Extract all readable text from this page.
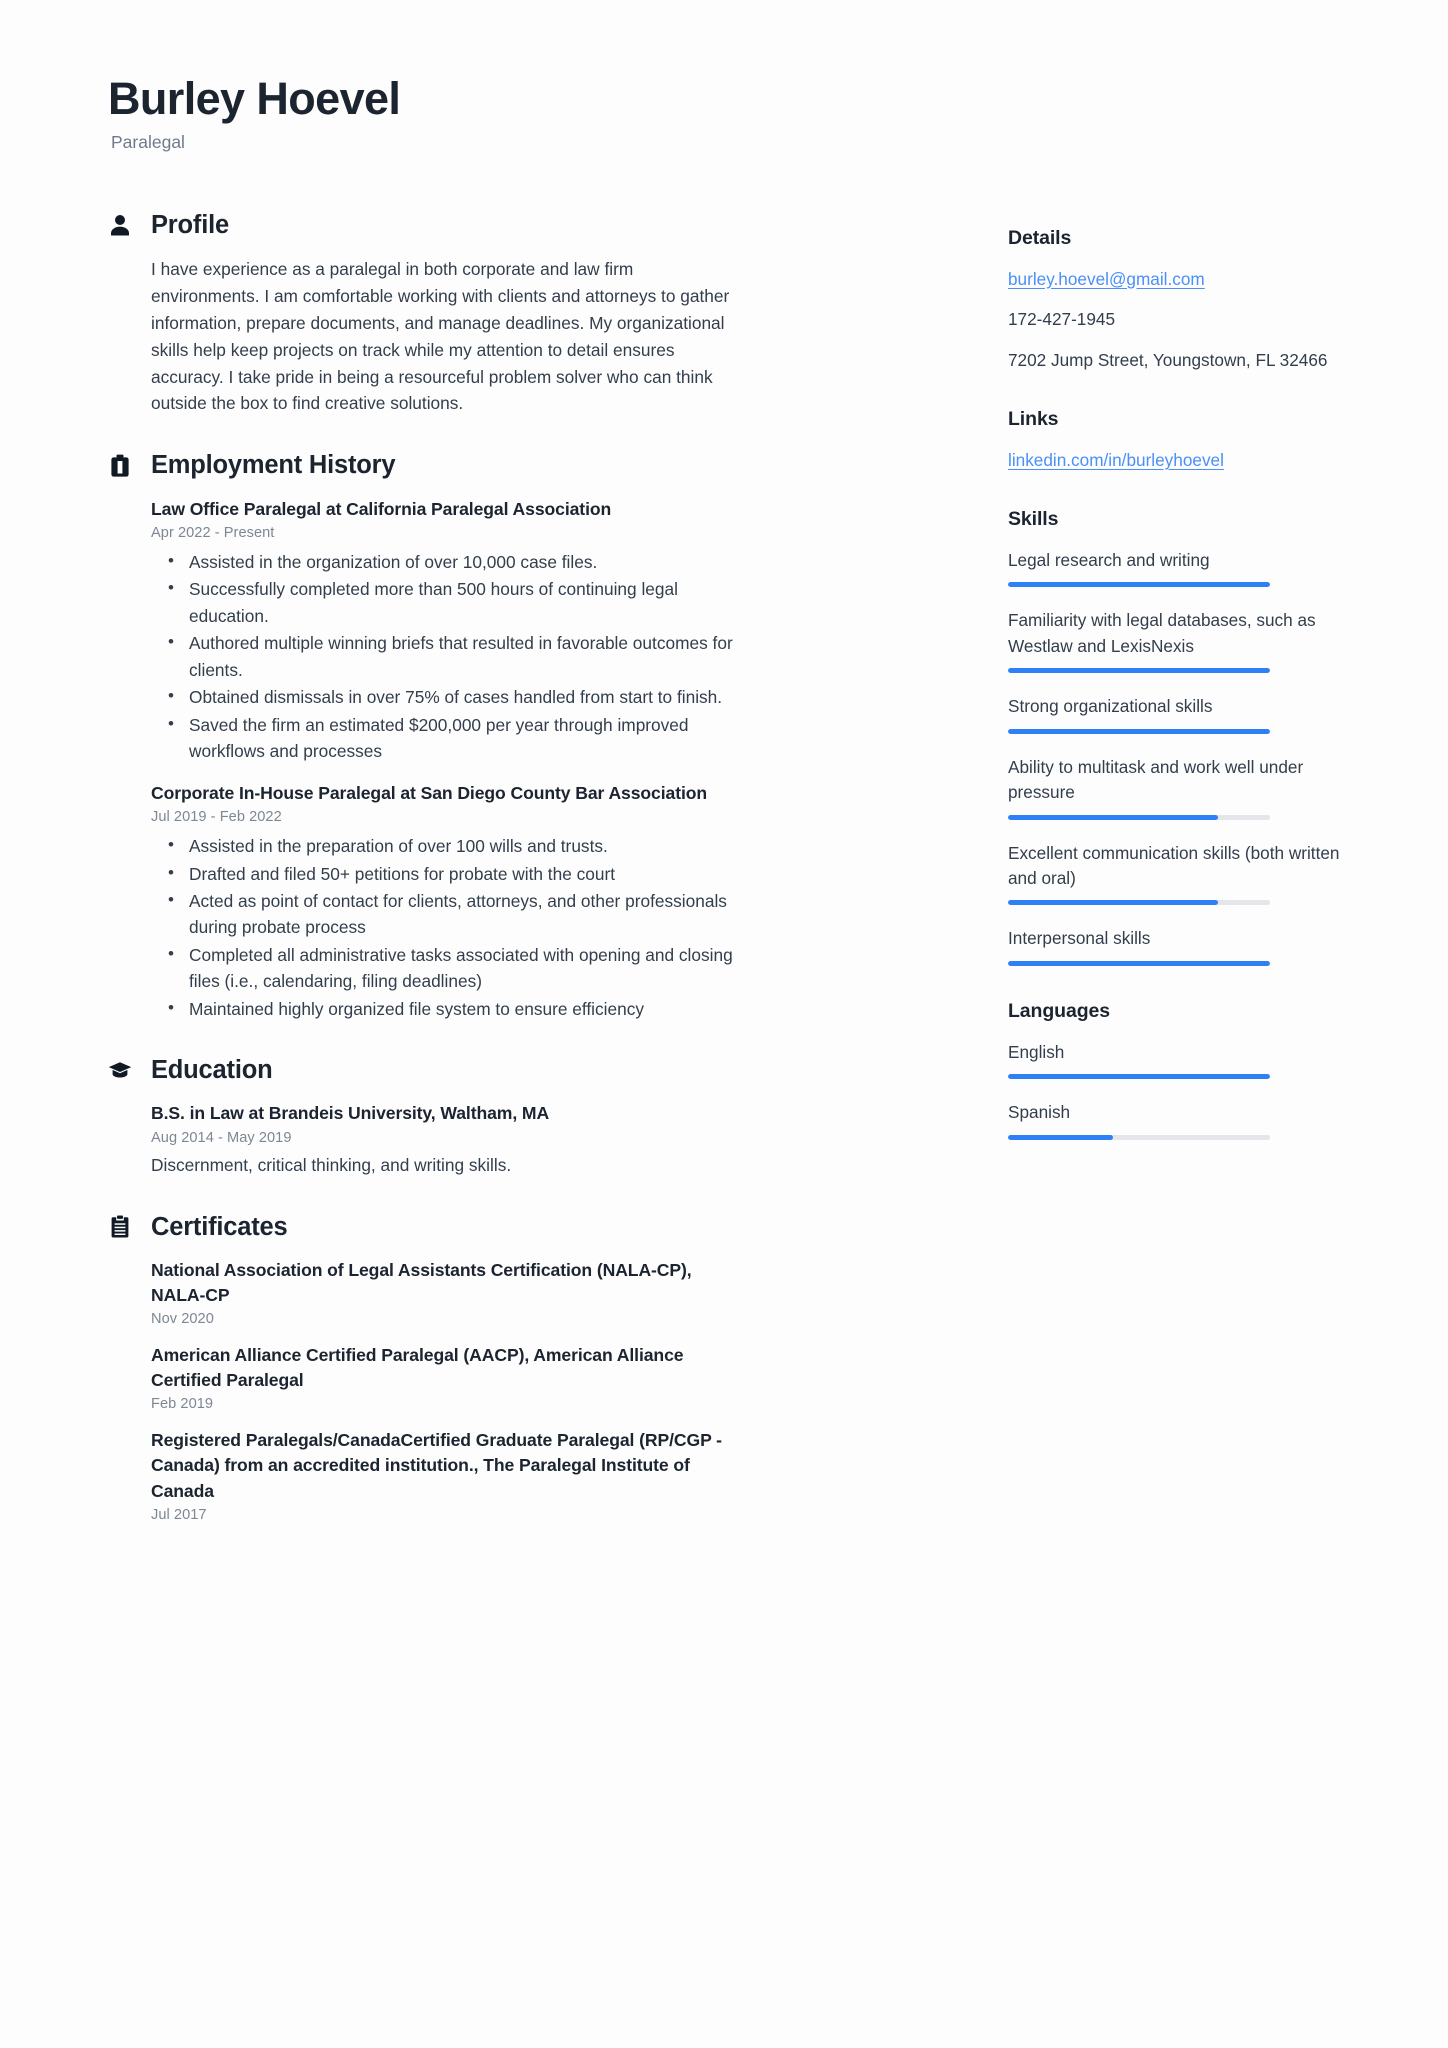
Burley Hoevel
Paralegal
Profile

I have experience as a paralegal in both corporate and law firm environments. I am comfortable working with clients and attorneys to gather information, prepare documents, and manage deadlines. My organizational skills help keep projects on track while my attention to detail ensures accuracy. I take pride in being a resourceful problem solver who can think outside the box to find creative solutions.

Employment History
Law Office Paralegal at California Paralegal Association
Apr 2022 - Present
• Assisted in the organization of over 10,000 case files.
• Successfully completed more than 500 hours of continuing legal education.
• Authored multiple winning briefs that resulted in favorable outcomes for clients.
• Obtained dismissals in over 75% of cases handled from start to finish.
• Saved the firm an estimated $200,000 per year through improved workflows and processes
Corporate In-House Paralegal at San Diego County Bar Association
Jul 2019 - Feb 2022
• Assisted in the preparation of over 100 wills and trusts.
• Drafted and filed 50+ petitions for probate with the court
• Acted as point of contact for clients, attorneys, and other professionals during probate process
• Completed all administrative tasks associated with opening and closing files (i.e., calendaring, filing deadlines)
• Maintained highly organized file system to ensure efficiency
Education
B.S. in Law at Brandeis University, Waltham, MA
Aug 2014 - May 2019
Discernment, critical thinking, and writing skills.
Certificates
National Association of Legal Assistants Certification (NALA-CP), NALA-CP
Nov 2020
American Alliance Certified Paralegal (AACP), American Alliance Certified Paralegal
Feb 2019
Registered Paralegals/CanadaCertified Graduate Paralegal (RP/CGP - Canada) from an accredited institution., The Paralegal Institute of Canada
Jul 2017
Details
burley.hoevel@gmail.com
172-427-1945
7202 Jump Street, Youngstown, FL 32466
Links
linkedin.com/in/burleyhoevel
Skills
Legal research and writing
Familiarity with legal databases, such as Westlaw and LexisNexis
Strong organizational skills
Ability to multitask and work well under pressure
Excellent communication skills (both written and oral)
Interpersonal skills
Languages
English
Spanish
